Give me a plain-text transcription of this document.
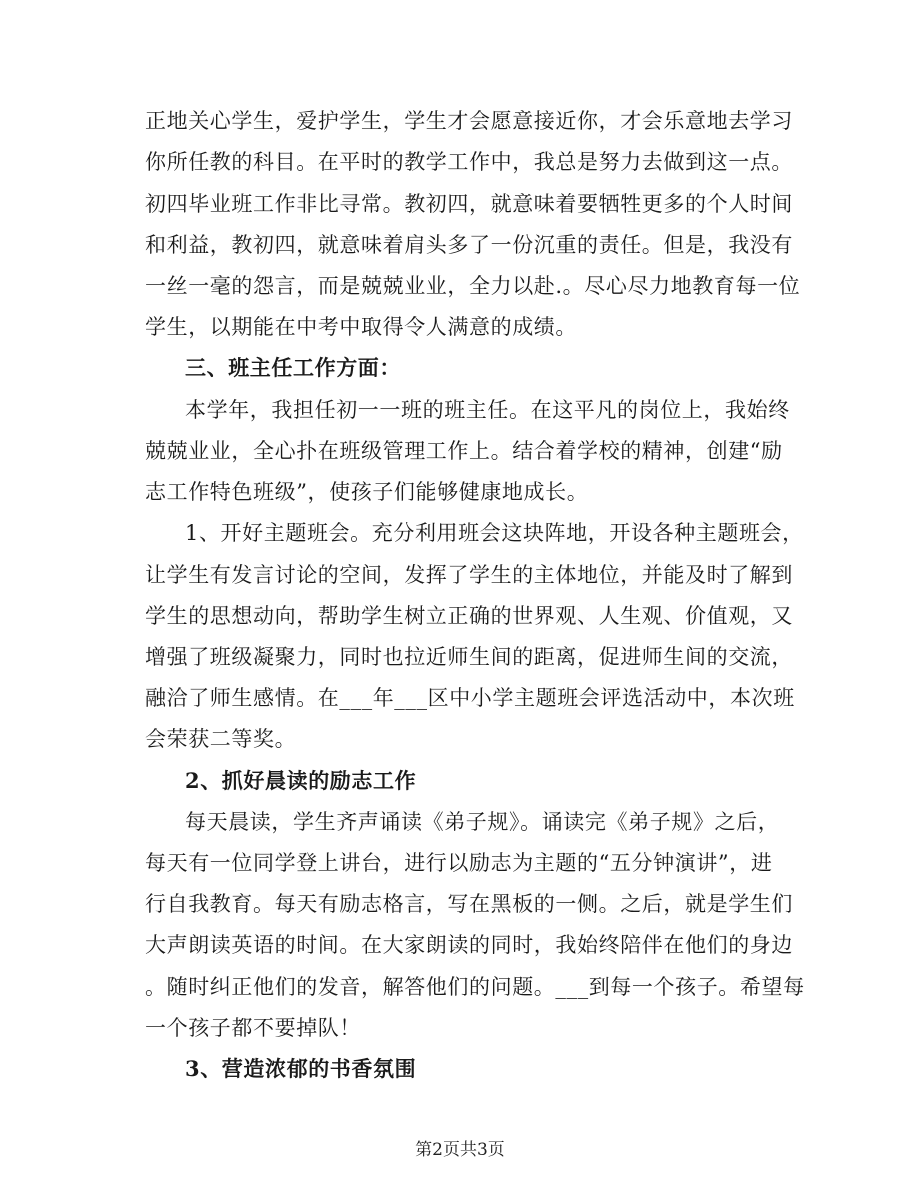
正地关心学生，爱护学生，学生才会愿意接近你，才会乐意地去学习
你所任教的科目。在平时的教学工作中，我总是努力去做到这一点。
初四毕业班工作非比寻常。教初四，就意味着要牺牲更多的个人时间
和利益，教初四，就意味着肩头多了一份沉重的责任。但是，我没有
一丝一毫的怨言，而是兢兢业业，全力以赴.。尽心尽力地教育每一位
学生，以期能在中考中取得令人满意的成绩。
三、班主任工作方面：
本学年，我担任初一一班的班主任。在这平凡的岗位上，我始终
兢兢业业，全心扑在班级管理工作上。结合着学校的精神，创建“励
志工作特色班级”，使孩子们能够健康地成长。
1、开好主题班会。充分利用班会这块阵地，开设各种主题班会，
让学生有发言讨论的空间，发挥了学生的主体地位，并能及时了解到
学生的思想动向，帮助学生树立正确的世界观、人生观、价值观，又
增强了班级凝聚力，同时也拉近师生间的距离，促进师生间的交流，
融洽了师生感情。在___年___区中小学主题班会评选活动中，本次班
会荣获二等奖。
2、抓好晨读的励志工作
每天晨读，学生齐声诵读《弟子规》。诵读完《弟子规》之后，
每天有一位同学登上讲台，进行以励志为主题的“五分钟演讲”，进
行自我教育。每天有励志格言，写在黑板的一侧。之后，就是学生们
大声朗读英语的时间。在大家朗读的同时，我始终陪伴在他们的身边
。随时纠正他们的发音，解答他们的问题。___到每一个孩子。希望每
一个孩子都不要掉队！
3、营造浓郁的书香氛围
第2页共3页
